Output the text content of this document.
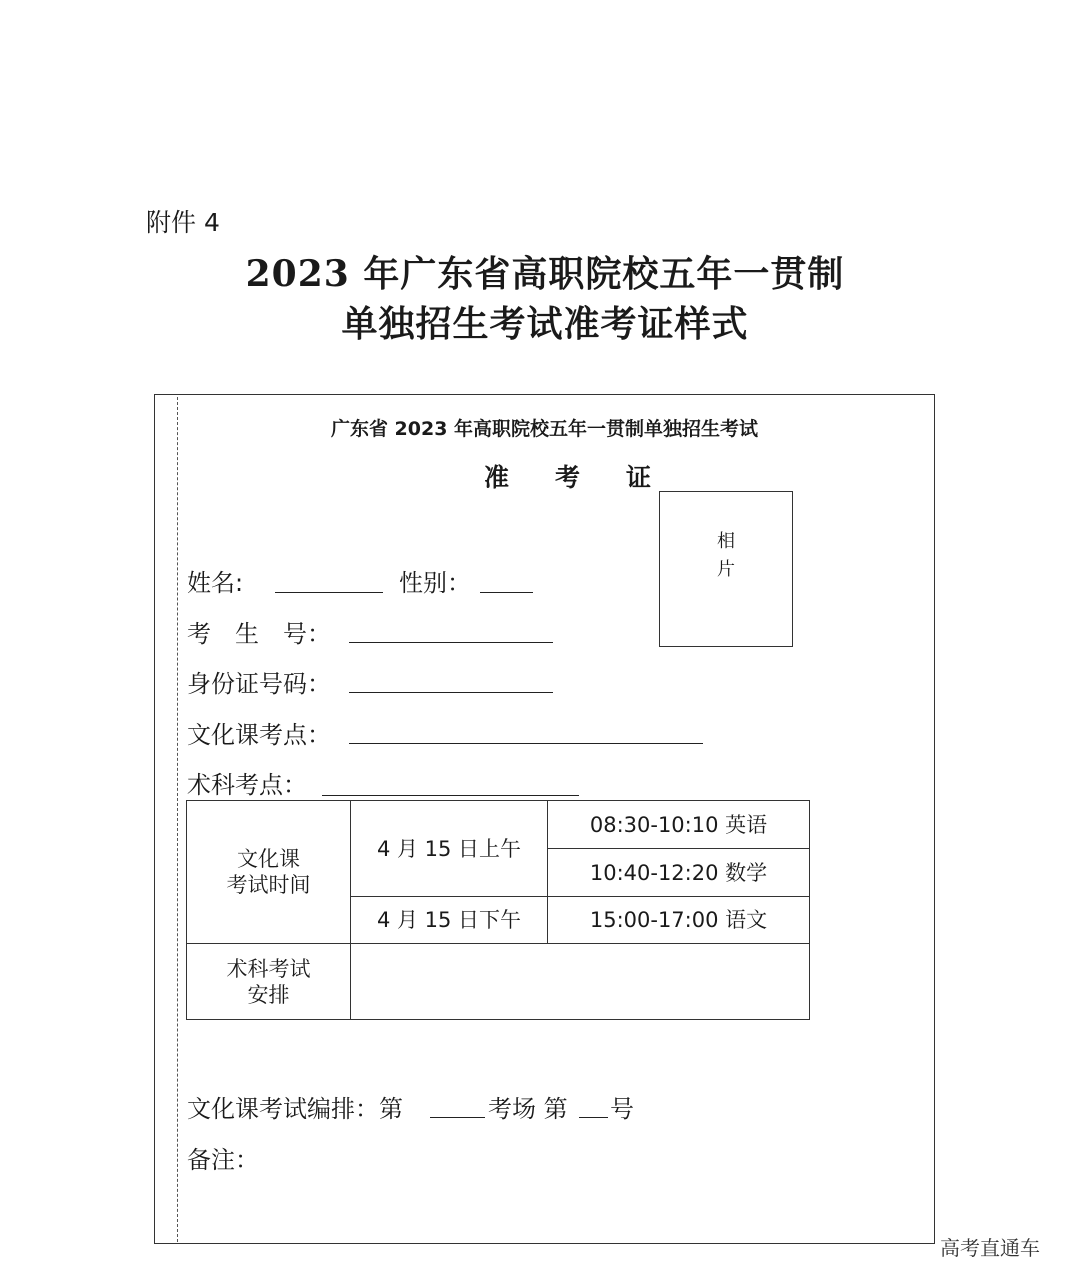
附件 4
2023 年广东省高职院校五年一贯制
单独招生考试准考证样式
广东省 2023 年高职院校五年一贯制单独招生考试
准考证
相
片
姓名:	性别：
考　生　号：
身份证号码：
文化课考点：
术科考点：
文化课
考试时间	4 月 15 日上午	08:30-10:10 英语
		10:40-12:20 数学
	4 月 15 日下午	15:00-17:00 语文

术科考试
安排		

文化课考试编排：第	考场 第 号
备注：
高考直通车
